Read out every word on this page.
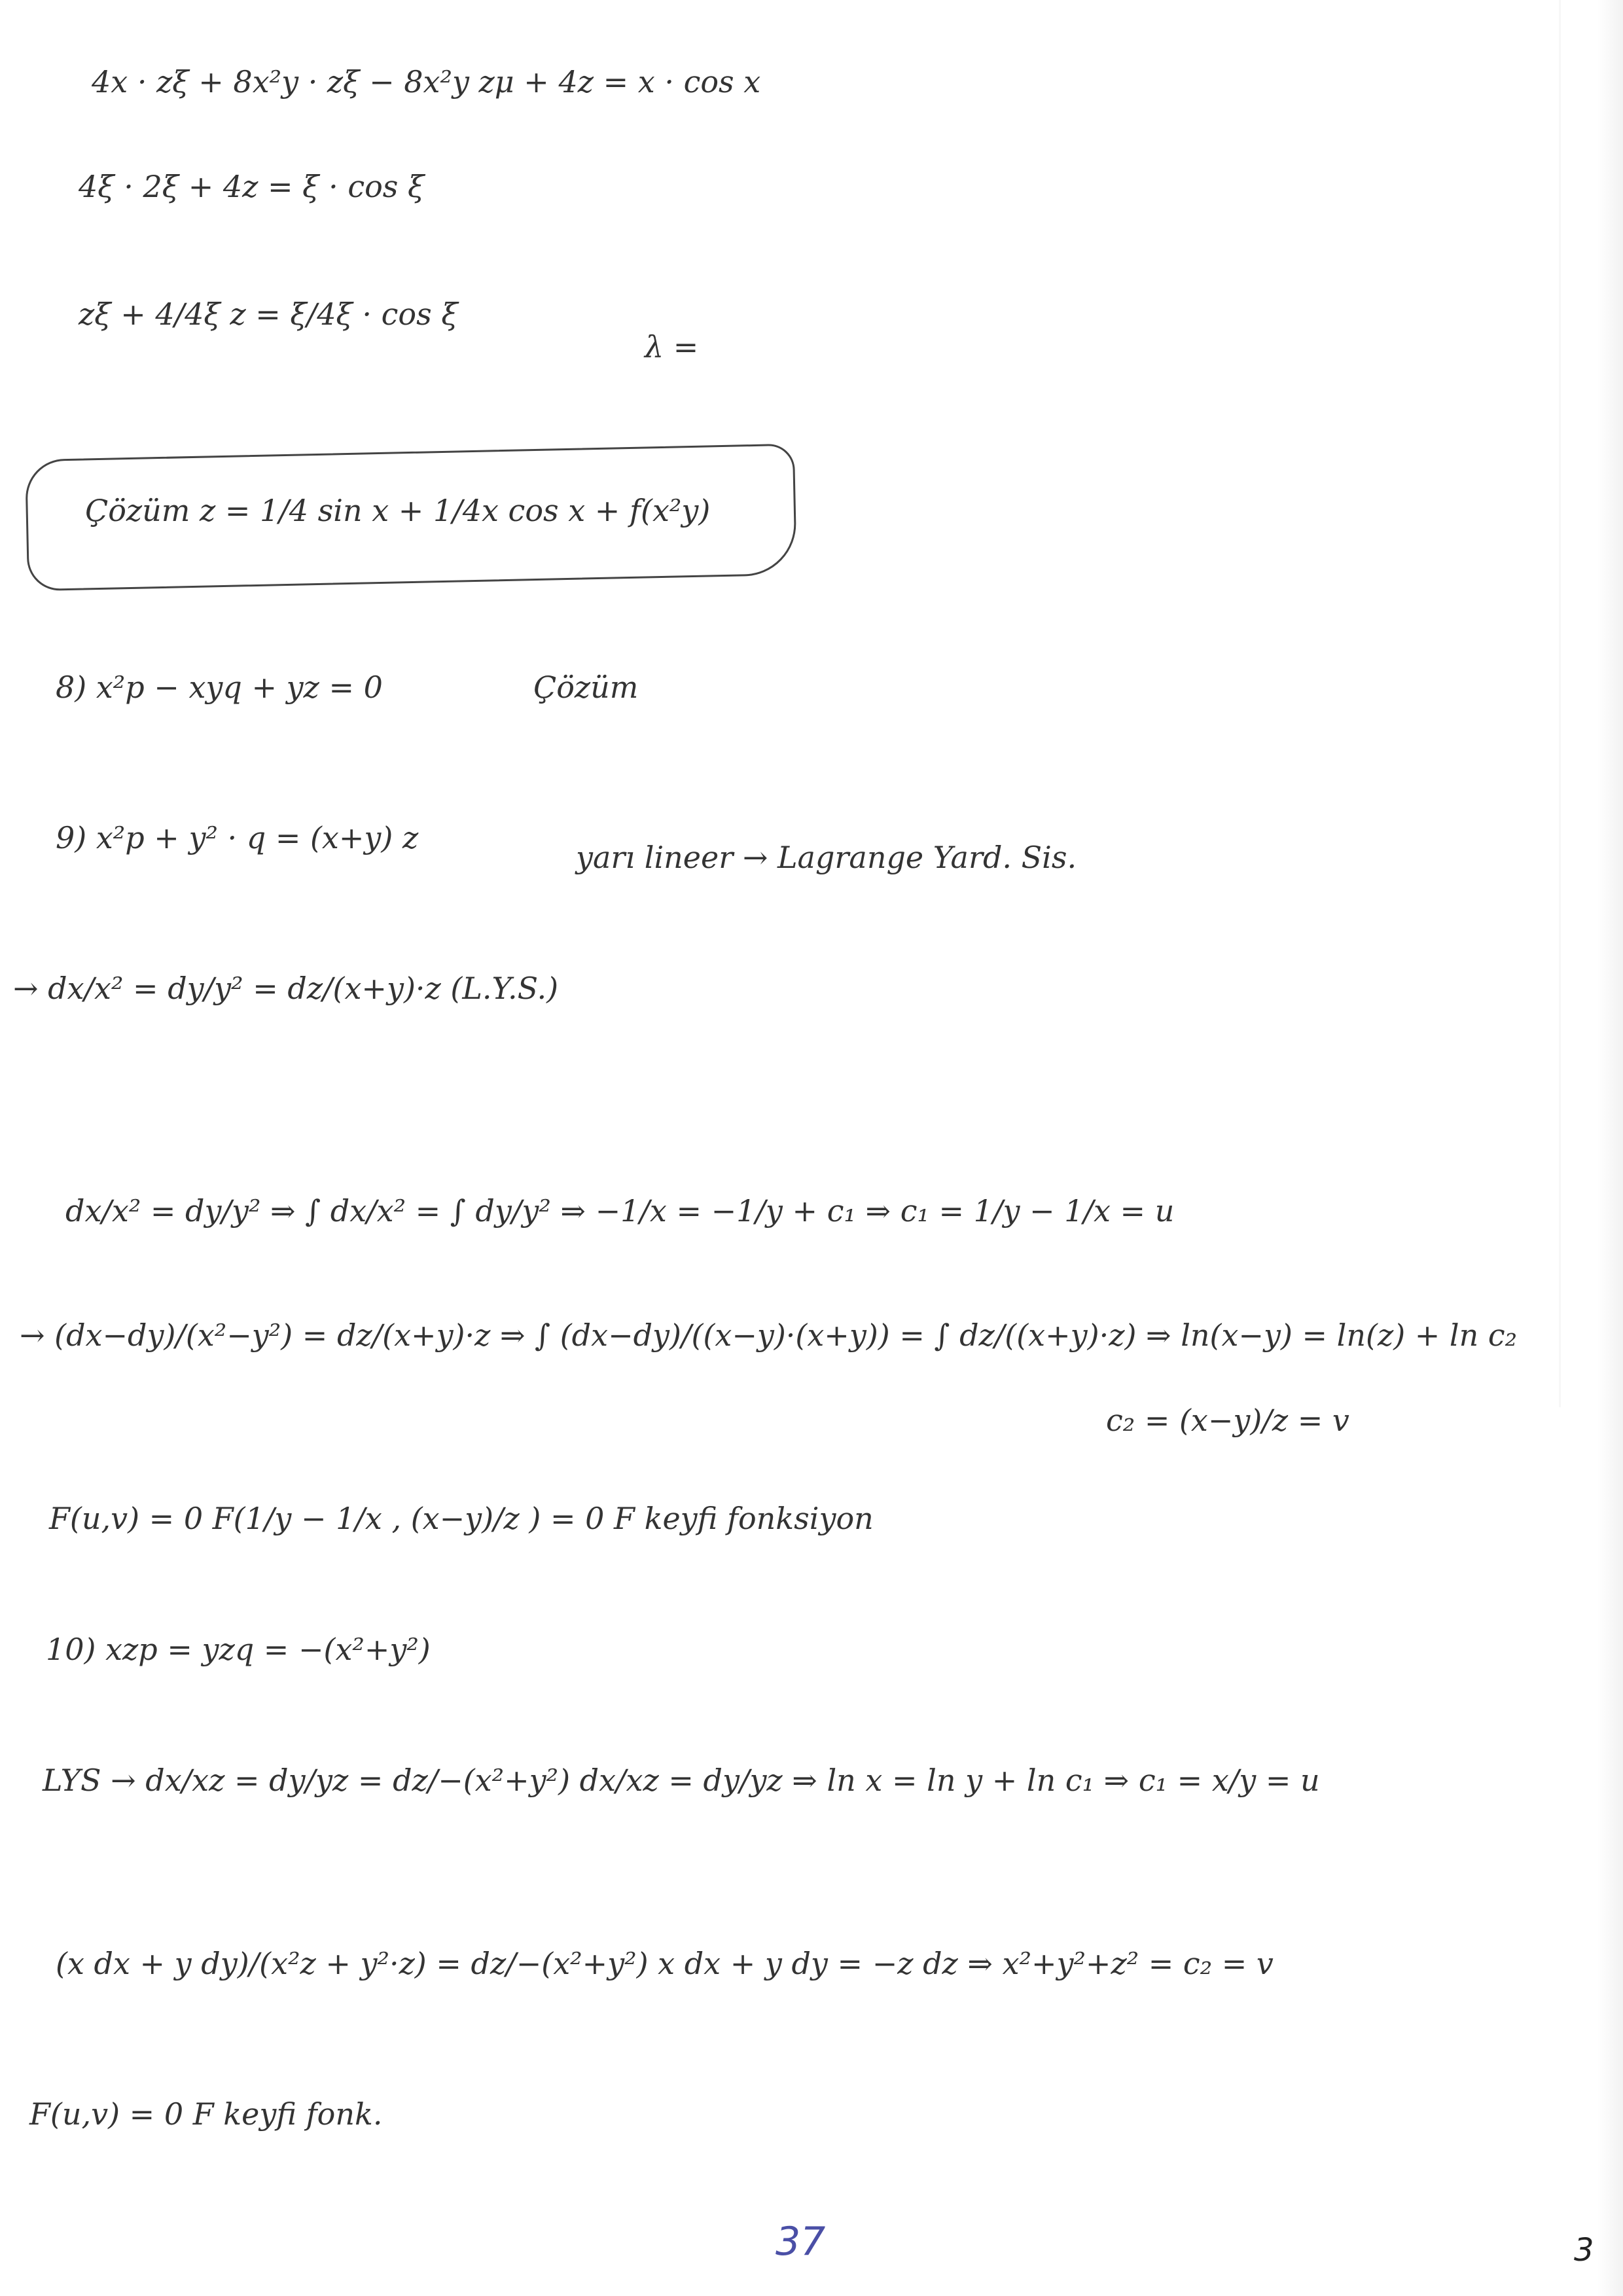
4x · zξ + 8x²y · zξ − 8x²y zμ + 4z = x · cos x
4ξ · 2ξ + 4z = ξ · cos ξ
zξ + 4/4ξ z = ξ/4ξ · cos ξ
λ =
Çözüm z = 1/4 sin x + 1/4x cos x + f(x²y)
8) x²p − xyq + yz = 0	Çözüm
9) x²p + y² · q = (x+y) z
yarı lineer → Lagrange Yard. Sis.
→ dx/x² = dy/y² = dz/(x+y)·z (L.Y.S.)
dx/x² = dy/y² ⇒ ∫ dx/x² = ∫ dy/y² ⇒ −1/x = −1/y + c₁ ⇒ c₁ = 1/y − 1/x = u
→ (dx−dy)/(x²−y²) = dz/(x+y)·z ⇒ ∫ (dx−dy)/((x−y)·(x+y)) = ∫ dz/((x+y)·z) ⇒ ln(x−y) = ln(z) + ln c₂
c₂ = (x−y)/z = v
F(u,v) = 0 F(1/y − 1/x , (x−y)/z ) = 0 F keyfi fonksiyon
10) xzp = yzq = −(x²+y²)
LYS → dx/xz = dy/yz = dz/−(x²+y²) dx/xz = dy/yz ⇒ ln x = ln y + ln c₁ ⇒ c₁ = x/y = u
(x dx + y dy)/(x²z + y²·z) = dz/−(x²+y²) x dx + y dy = −z dz ⇒ x²+y²+z² = c₂ = v
F(u,v) = 0 F keyfi fonk.
37	3
